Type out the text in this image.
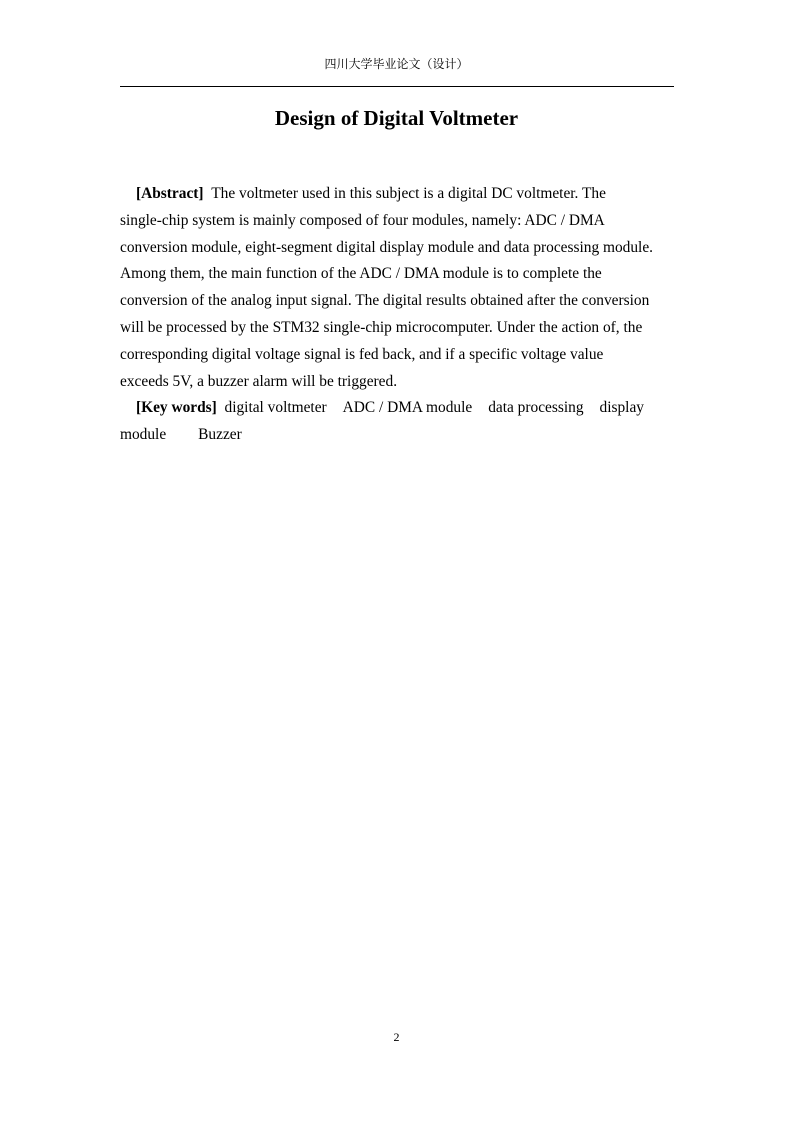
四川大学毕业论文（设计）
Design of Digital Voltmeter
[Abstract] The voltmeter used in this subject is a digital DC voltmeter. The
single-chip system is mainly composed of four modules, namely: ADC / DMA
conversion module, eight-segment digital display module and data processing module.
Among them, the main function of the ADC / DMA module is to complete the
conversion of the analog input signal. The digital results obtained after the conversion
will be processed by the STM32 single-chip microcomputer. Under the action of, the
corresponding digital voltage signal is fed back, and if a specific voltage value
exceeds 5V, a buzzer alarm will be triggered.
[Key words] digital voltmeter ADC / DMA module data processing display
module Buzzer
2
